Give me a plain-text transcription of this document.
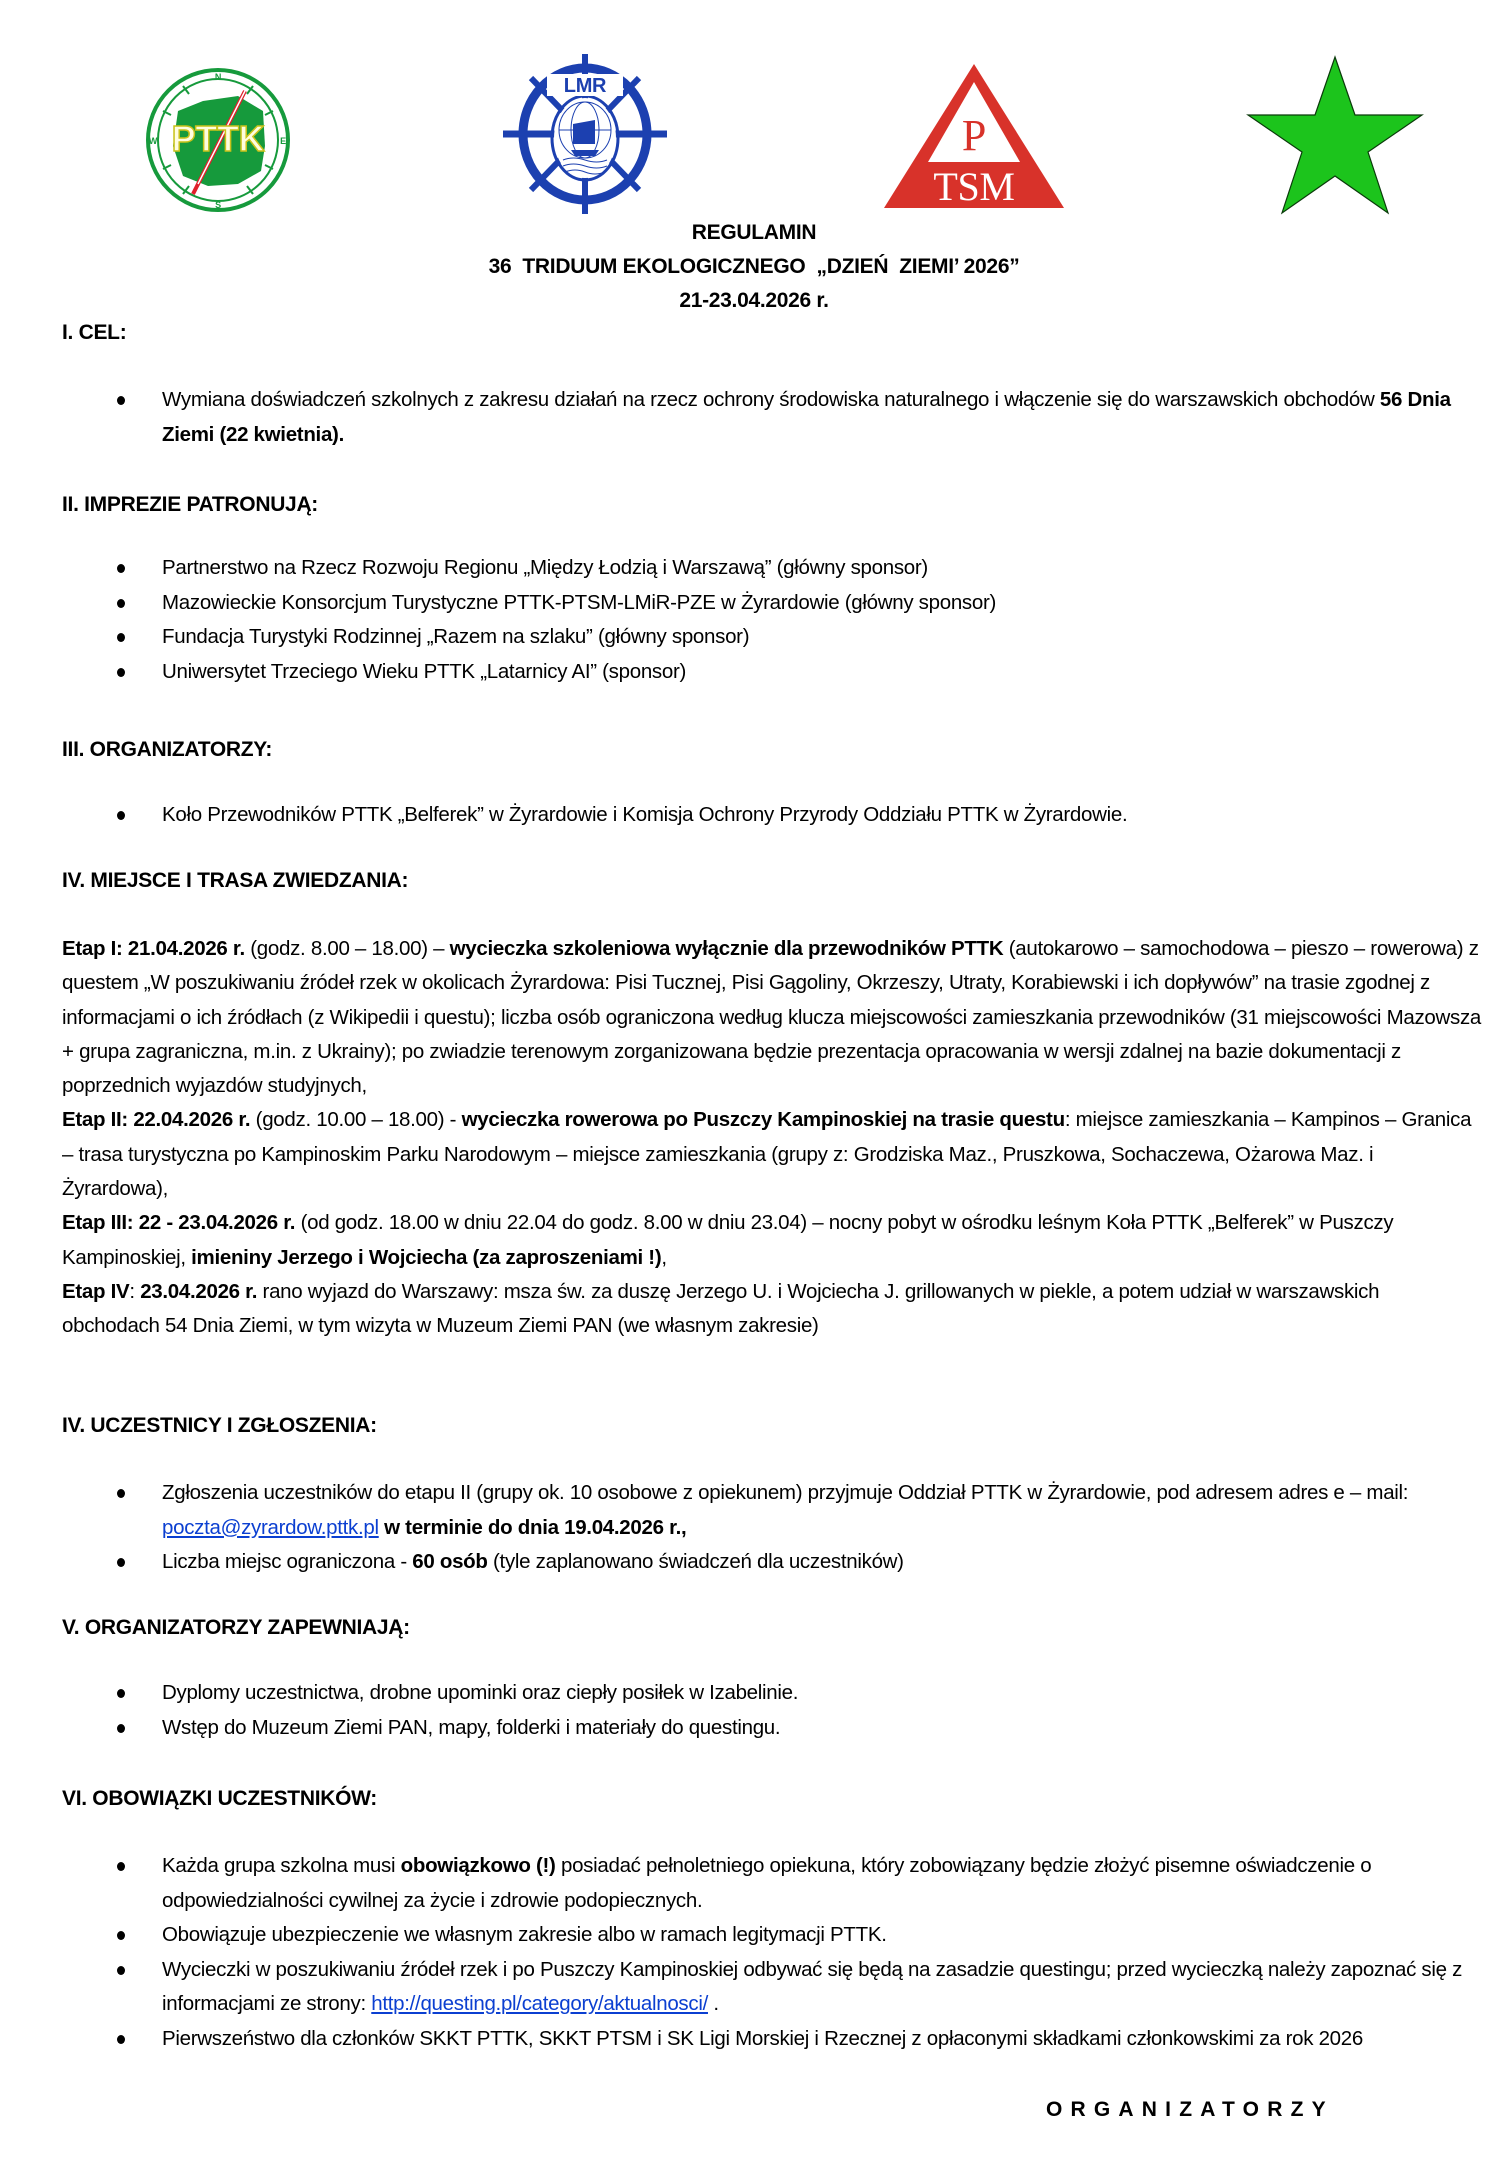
PTTK
N
E
S
W
LMR
P
TSM
REGULAMIN
36  TRIDUUM EKOLOGICZNEGO  „DZIEŃ  ZIEMI’ 2026”
21-23.04.2026 r.
I. CEL:
Wymiana doświadczeń szkolnych z zakresu działań na rzecz ochrony środowiska naturalnego i włączenie się do warszawskich obchodów 56 Dnia Ziemi (22 kwietnia).
II. IMPREZIE PATRONUJĄ:
Partnerstwo na Rzecz Rozwoju Regionu „Między Łodzią i Warszawą” (główny sponsor)
Mazowieckie Konsorcjum Turystyczne PTTK-PTSM-LMiR-PZE w Żyrardowie (główny sponsor)
Fundacja Turystyki Rodzinnej „Razem na szlaku” (główny sponsor)
Uniwersytet Trzeciego Wieku PTTK „Latarnicy AI” (sponsor)
III. ORGANIZATORZY:
Koło Przewodników PTTK „Belferek” w Żyrardowie i Komisja Ochrony Przyrody Oddziału PTTK w Żyrardowie.
IV. MIEJSCE I TRASA ZWIEDZANIA:

Etap I: 21.04.2026 r. (godz. 8.00 – 18.00) – wycieczka szkoleniowa wyłącznie dla przewodników PTTK (autokarowo – samochodowa – pieszo – rowerowa) z questem „W poszukiwaniu źródeł rzek w okolicach Żyrardowa: Pisi Tucznej, Pisi Gągoliny, Okrzeszy, Utraty, Korabiewski i ich dopływów” na trasie zgodnej z informacjami o ich źródłach (z Wikipedii i questu); liczba osób ograniczona według klucza miejscowości zamieszkania przewodników (31 miejscowości Mazowsza + grupa zagraniczna, m.in. z Ukrainy); po zwiadzie terenowym zorganizowana będzie prezentacja opracowania w wersji zdalnej na bazie dokumentacji z poprzednich wyjazdów studyjnych,
Etap II: 22.04.2026 r. (godz. 10.00 – 18.00) - wycieczka rowerowa po Puszczy Kampinoskiej na trasie questu: miejsce zamieszkania – Kampinos – Granica – trasa turystyczna po Kampinoskim Parku Narodowym – miejsce zamieszkania (grupy z: Grodziska Maz., Pruszkowa, Sochaczewa, Ożarowa Maz. i Żyrardowa),
Etap III: 22 - 23.04.2026 r. (od godz. 18.00 w dniu 22.04 do godz. 8.00 w dniu 23.04) – nocny pobyt w ośrodku leśnym Koła PTTK „Belferek” w Puszczy Kampinoskiej, imieniny Jerzego i Wojciecha (za zaproszeniami !),
Etap IV: 23.04.2026 r. rano wyjazd do Warszawy: msza św. za duszę Jerzego U. i Wojciecha J. grillowanych w piekle, a potem udział w warszawskich obchodach 54 Dnia Ziemi, w tym wizyta w Muzeum Ziemi PAN (we własnym zakresie)

IV. UCZESTNICY I ZGŁOSZENIA:
Zgłoszenia uczestników do etapu II (grupy ok. 10 osobowe z opiekunem) przyjmuje Oddział PTTK w Żyrardowie, pod adresem adres e – mail: poczta@zyrardow.pttk.pl w terminie do dnia 19.04.2026 r.,
Liczba miejsc ograniczona - 60 osób (tyle zaplanowano świadczeń dla uczestników)
V. ORGANIZATORZY ZAPEWNIAJĄ:
Dyplomy uczestnictwa, drobne upominki oraz ciepły posiłek w Izabelinie.
Wstęp do Muzeum Ziemi PAN, mapy, folderki i materiały do questingu.
VI. OBOWIĄZKI UCZESTNIKÓW:
Każda grupa szkolna musi obowiązkowo (!) posiadać pełnoletniego opiekuna, który zobowiązany będzie złożyć pisemne oświadczenie o odpowiedzialności cywilnej za życie i zdrowie podopiecznych.
Obowiązuje ubezpieczenie we własnym zakresie albo w ramach legitymacji PTTK.
Wycieczki w poszukiwaniu źródeł rzek i po Puszczy Kampinoskiej odbywać się będą na zasadzie questingu; przed wycieczką należy zapoznać się z informacjami ze strony: http://questing.pl/category/aktualnosci/ .
Pierwszeństwo dla członków SKKT PTTK, SKKT PTSM i SK Ligi Morskiej i Rzecznej z opłaconymi składkami członkowskimi za rok 2026
ORGANIZATORZY
